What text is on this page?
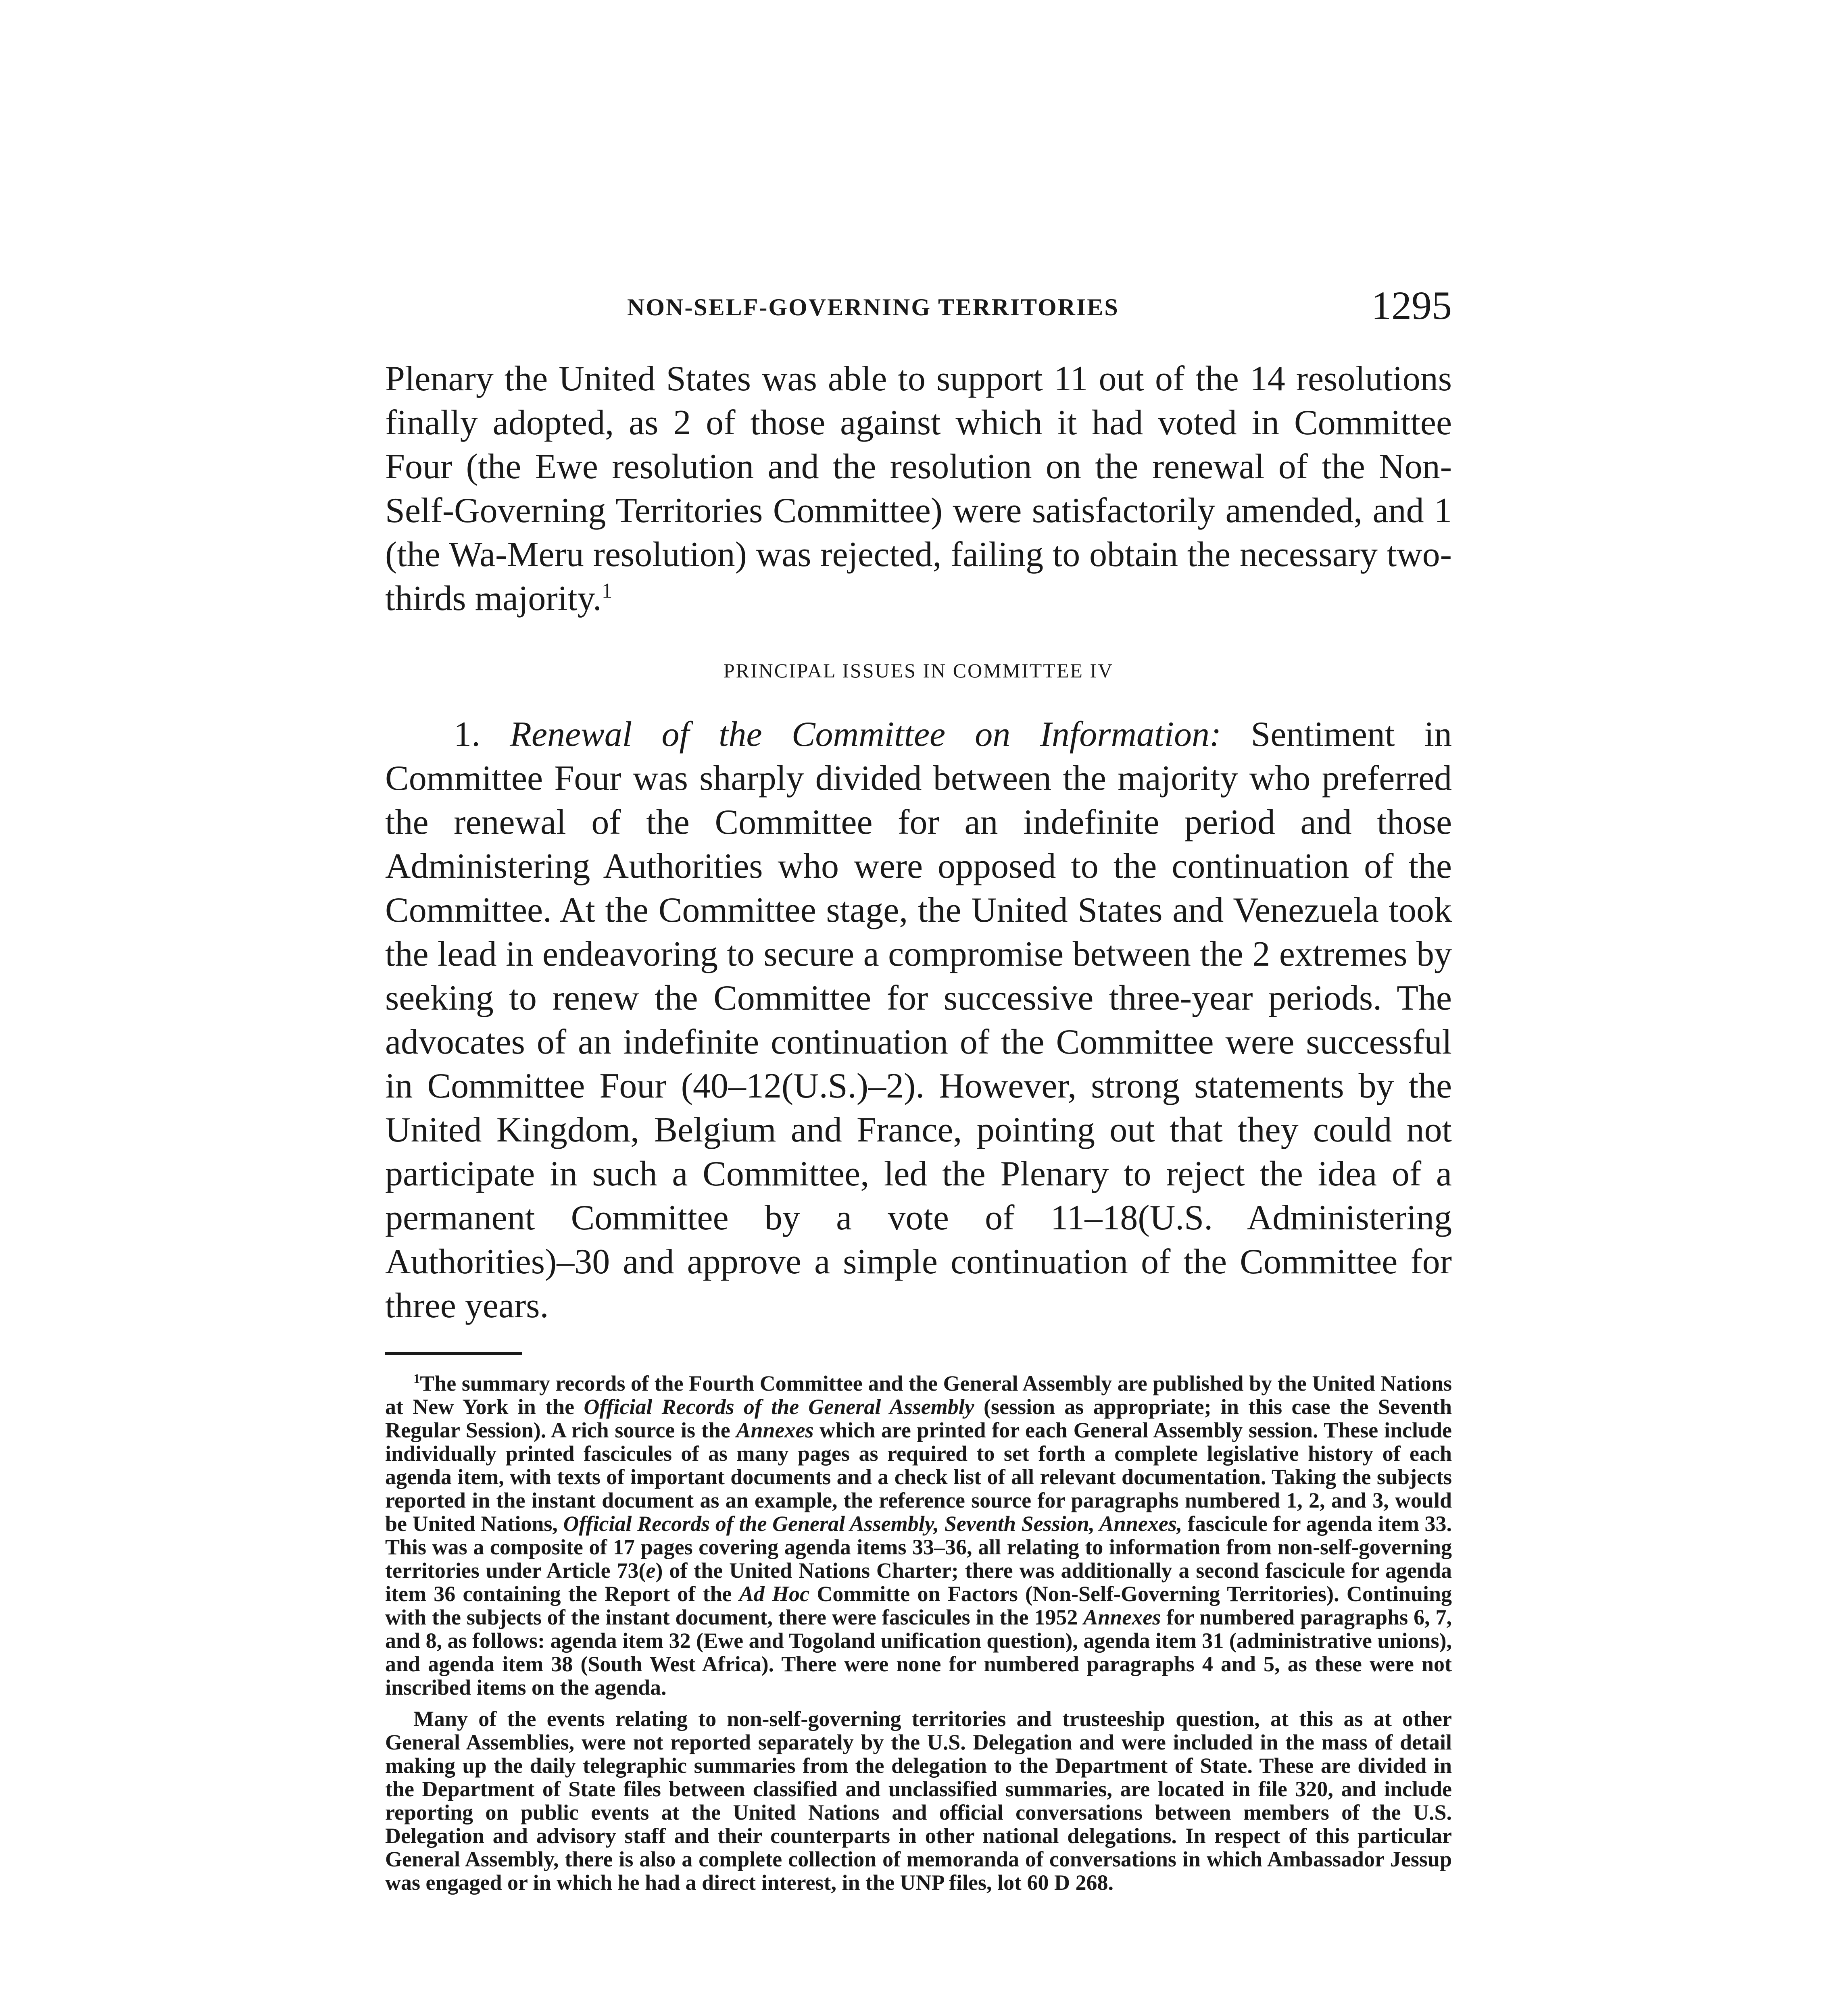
NON-SELF-GOVERNING TERRITORIES	1295

Plenary the United States was able to support 11 out of the 14 resolutions finally adopted, as 2 of those against which it had voted in Committee Four (the Ewe resolution and the resolution on the renewal of the Non-Self-Governing Territories Committee) were satisfactorily amended, and 1 (the Wa-Meru resolution) was rejected, failing to obtain the necessary two-thirds majority.$^1$

PRINCIPAL ISSUES IN COMMITTEE IV

1. Renewal of the Committee on Information: Sentiment in Committee Four was sharply divided between the majority who preferred the renewal of the Committee for an indefinite period and those Administering Authorities who were opposed to the continuation of the Committee. At the Committee stage, the United States and Venezuela took the lead in endeavoring to secure a compromise between the 2 extremes by seeking to renew the Committee for successive three-year periods. The advocates of an indefinite continuation of the Committee were successful in Committee Four (40–12(U.S.)–2). However, strong statements by the United Kingdom, Belgium and France, pointing out that they could not participate in such a Committee, led the Plenary to reject the idea of a permanent Committee by a vote of 11–18(U.S. Administering Authorities)–30 and approve a simple continuation of the Committee for three years.

$^1$The summary records of the Fourth Committee and the General Assembly are published by the United Nations at New York in the Official Records of the General Assembly (session as appropriate; in this case the Seventh Regular Session). A rich source is the Annexes which are printed for each General Assembly session. These include individually printed fascicules of as many pages as required to set forth a complete legislative history of each agenda item, with texts of important documents and a check list of all relevant documentation. Taking the subjects reported in the instant document as an example, the reference source for paragraphs numbered 1, 2, and 3, would be United Nations, Official Records of the General Assembly, Seventh Session, Annexes, fascicule for agenda item 33. This was a composite of 17 pages covering agenda items 33–36, all relating to information from non-self-governing territories under Article 73(e) of the United Nations Charter; there was additionally a second fascicule for agenda item 36 containing the Report of the Ad Hoc Committe on Factors (Non-Self-Governing Territories). Continuing with the subjects of the instant document, there were fascicules in the 1952 Annexes for numbered paragraphs 6, 7, and 8, as follows: agenda item 32 (Ewe and Togoland unification question), agenda item 31 (administrative unions), and agenda item 38 (South West Africa). There were none for numbered paragraphs 4 and 5, as these were not inscribed items on the agenda.

Many of the events relating to non-self-governing territories and trusteeship question, at this as at other General Assemblies, were not reported separately by the U.S. Delegation and were included in the mass of detail making up the daily telegraphic summaries from the delegation to the Department of State. These are divided in the Department of State files between classified and unclassified summaries, are located in file 320, and include reporting on public events at the United Nations and official conversations between members of the U.S. Delegation and advisory staff and their counterparts in other national delegations. In respect of this particular General Assembly, there is also a complete collection of memoranda of conversations in which Ambassador Jessup was engaged or in which he had a direct interest, in the UNP files, lot 60 D 268.
